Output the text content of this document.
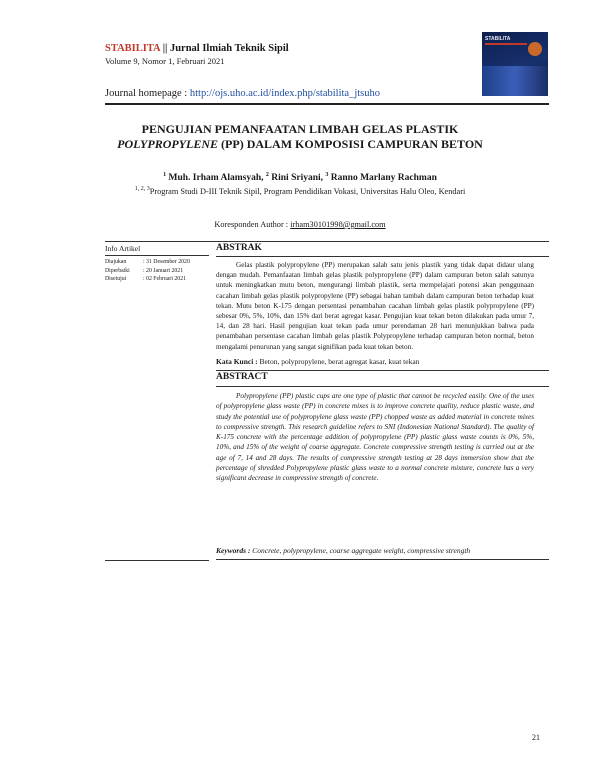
STABILITA || Jurnal Ilmiah Teknik Sipil
Volume 9, Nomor 1, Februari 2021
STABILITA
Journal homepage : http://ojs.uho.ac.id/index.php/stabilita_jtsuho
PENGUJIAN PEMANFAATAN LIMBAH GELAS PLASTIK
POLYPROPYLENE (PP) DALAM KOMPOSISI CAMPURAN BETON
$^1$ Muh. Irham Alamsyah, $^2$ Rini Sriyani, $^3$ Ranno Marlany Rachman
$^{1, 2, 3}$Program Studi D-III Teknik Sipil, Program Pendidikan Vokasi, Universitas Halu Oleo, Kendari
Koresponden Author : irham30101998@gmail.com
Info Artikel
Diajukan	: 31 Desember 2020
Diperbaiki	: 20 Januari 2021
Disetujui	: 02 Februari 2021
ABSTRAK

Gelas plastik polypropylene (PP) merupakan salah satu jenis plastik yang tidak dapat didaur ulang dengan mudah. Pemanfaatan limbah gelas plastik polypropylene (PP) dalam campuran beton salah satunya untuk meningkatkan mutu beton, mengurangi limbah plastik, serta mempelajari potensi akan penggunaan cacahan limbah gelas plastik polypropylene (PP) sebagai bahan tambah dalam campuran beton terhadap kuat tekan. Mutu beton K-175 dengan persentasi penambahan cacahan limbah gelas plastik polypropylene (PP) sebesar 0%, 5%, 10%, dan 15% dari berat agregat kasar. Pengujian kuat tekan beton dilakukan pada umur 7, 14, dan 28 hari. Hasil pengujian kuat tekan pada umur perendaman 28 hari menunjukkan bahwa pada penambahan persentase cacahan limbah gelas plastik Polypropylene terhadap campuran beton normal, beton mengalami penurunan yang sangat signifikan pada kuat tekan beton.

Kata Kunci : Beton, polypropylene, berat agregat kasar, kuat tekan
ABSTRACT

Polypropylene (PP) plastic cups are one type of plastic that cannot be recycled easily. One of the uses of polypropylene glass waste (PP) in concrete mixes is to improve concrete quality, reduce plastic waste, and study the potential use of polypropylene glass waste (PP) chopped waste as added material in concrete mixes to compressive strength. This research guideline refers to SNI (Indonesian National Standard). The quality of K-175 concrete with the percentage addition of polypropylene (PP) plastic glass waste counts is 0%, 5%, 10%, and 15% of the weight of coarse aggregate. Concrete compressive strength testing is carried out at the age of 7, 14 and 28 days. The results of compressive strength testing at 28 days immersion show that the percentage of shredded Polypropylene plastic glass waste to a normal concrete mixture, concrete has a very significant decrease in compressive strength of concrete.

Keywords : Concrete, polypropylene, coarse aggregate weight, compressive strength
21
